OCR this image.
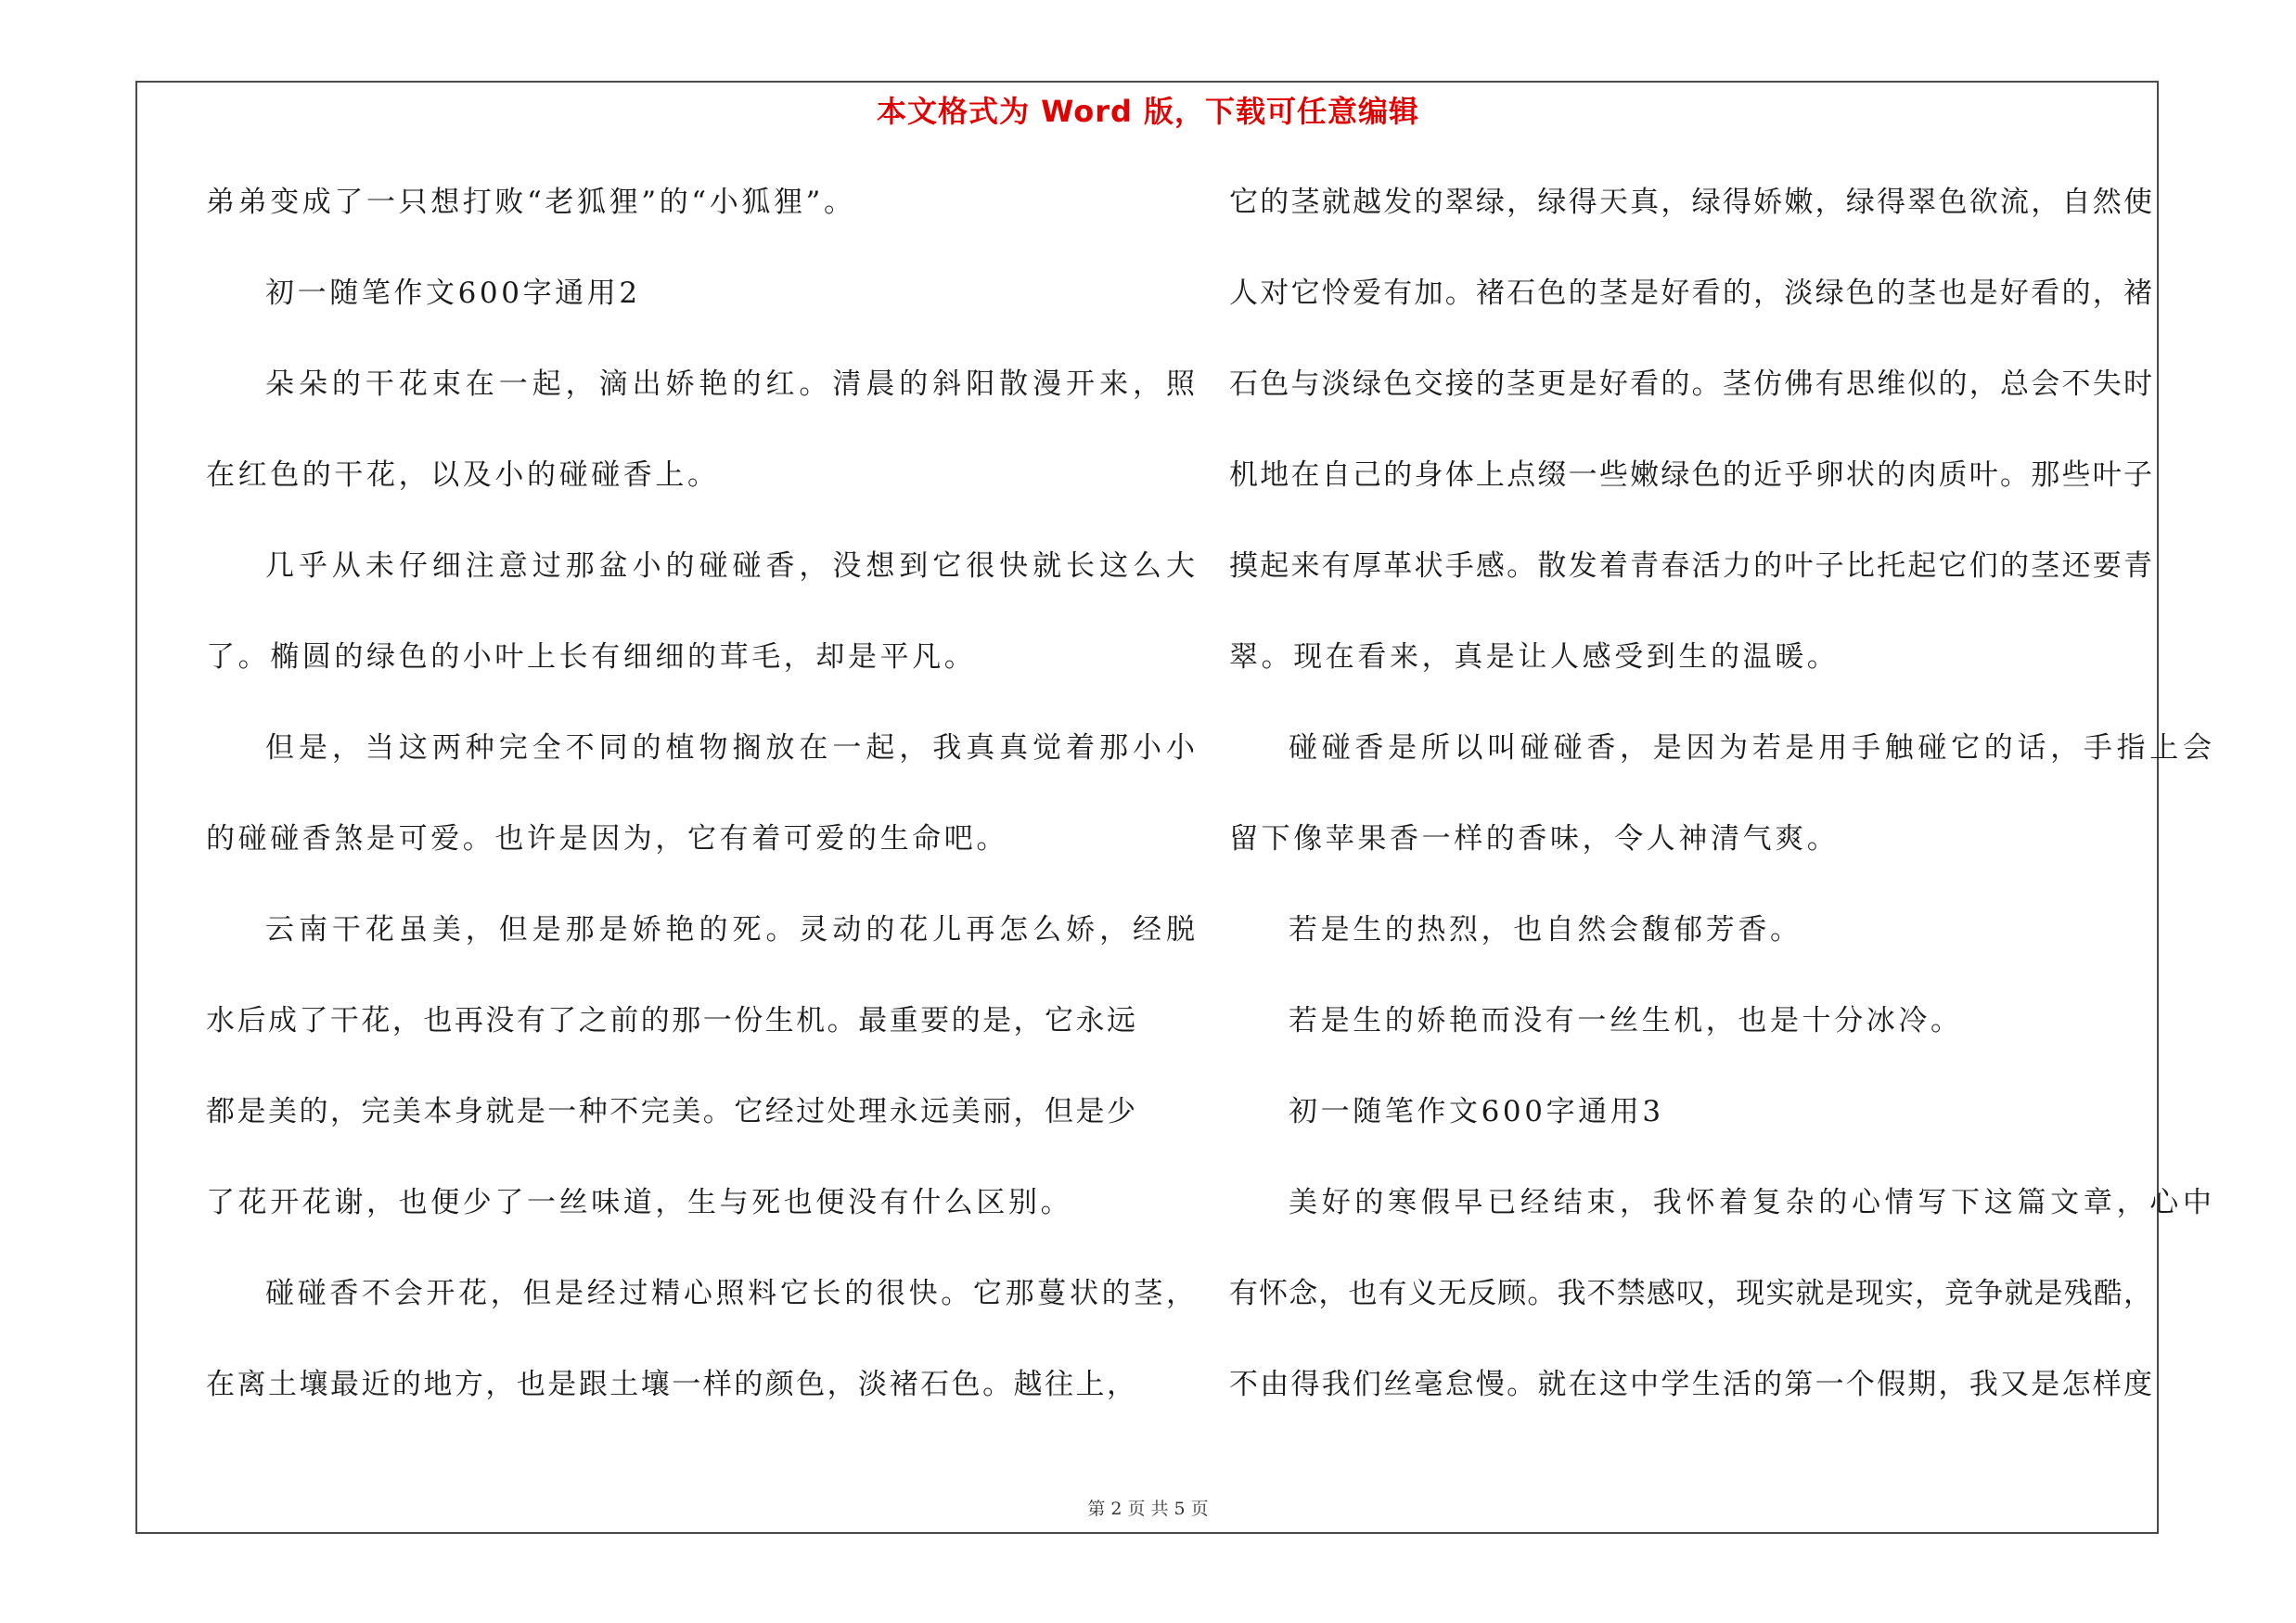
本文格式为 Word 版，下载可任意编辑
弟弟变成了一只想打败“老狐狸”的“小狐狸”。
初一随笔作文600字通用2
朵朵的干花束在一起，滴出娇艳的红。清晨的斜阳散漫开来，照
在红色的干花，以及小的碰碰香上。
几乎从未仔细注意过那盆小的碰碰香，没想到它很快就长这么大
了。椭圆的绿色的小叶上长有细细的茸毛，却是平凡。
但是，当这两种完全不同的植物搁放在一起，我真真觉着那小小
的碰碰香煞是可爱。也许是因为，它有着可爱的生命吧。
云南干花虽美，但是那是娇艳的死。灵动的花儿再怎么娇，经脱
水后成了干花，也再没有了之前的那一份生机。最重要的是，它永远
都是美的，完美本身就是一种不完美。它经过处理永远美丽，但是少
了花开花谢，也便少了一丝味道，生与死也便没有什么区别。
碰碰香不会开花，但是经过精心照料它长的很快。它那蔓状的茎，
在离土壤最近的地方，也是跟土壤一样的颜色，淡褚石色。越往上，
它的茎就越发的翠绿，绿得天真，绿得娇嫩，绿得翠色欲流，自然使
人对它怜爱有加。褚石色的茎是好看的，淡绿色的茎也是好看的，褚
石色与淡绿色交接的茎更是好看的。茎仿佛有思维似的，总会不失时
机地在自己的身体上点缀一些嫩绿色的近乎卵状的肉质叶。那些叶子
摸起来有厚革状手感。散发着青春活力的叶子比托起它们的茎还要青
翠。现在看来，真是让人感受到生的温暖。
碰碰香是所以叫碰碰香，是因为若是用手触碰它的话，手指上会
留下像苹果香一样的香味，令人神清气爽。
若是生的热烈，也自然会馥郁芳香。
若是生的娇艳而没有一丝生机，也是十分冰冷。
初一随笔作文600字通用3
美好的寒假早已经结束，我怀着复杂的心情写下这篇文章，心中
有怀念，也有义无反顾。我不禁感叹，现实就是现实，竞争就是残酷，
不由得我们丝毫怠慢。就在这中学生活的第一个假期，我又是怎样度
第 2 页 共 5 页
